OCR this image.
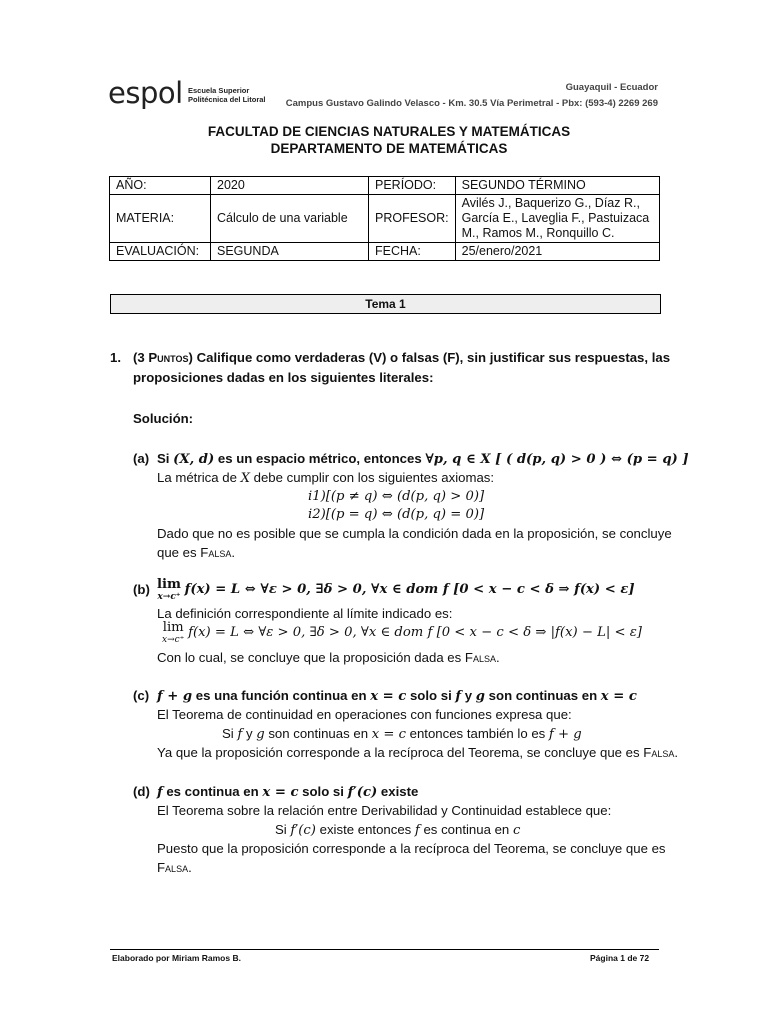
espol Escuela Superior
Politécnica del Litoral
Guayaquil - Ecuador
Campus Gustavo Galindo Velasco - Km. 30.5 Vía Perimetral - Pbx: (593-4) 2269 269
FACULTAD DE CIENCIAS NATURALES Y MATEMÁTICAS
DEPARTAMENTO DE MATEMÁTICAS
AÑO:	2020	PERÍODO:	SEGUNDO TÉRMINO
MATERIA:	Cálculo de una variable	PROFESOR:	Avilés J., Baquerizo G., Díaz R.,
García E., Laveglia F., Pastuizaca
M., Ramos M., Ronquillo C.

EVALUACIÓN:	SEGUNDA	FECHA:	25/enero/2021
Tema 1
1. (3 Puntos) Califique como verdaderas (V) o falsas (F), sin justificar sus respuestas, las
proposiciones dadas en los siguientes literales:
Solución:
(a) Si (X, d) es un espacio métrico, entonces ∀p, q ∈ X [ ( d(p, q) > 0 ) ⇔ (p = q) ]
La métrica de X debe cumplir con los siguientes axiomas:
i1)[(p ≠ q) ⇔ (d(p, q) > 0)]
i2)[(p = q) ⇔ (d(p, q) = 0)]
Dado que no es posible que se cumpla la condición dada en la proposición, se concluye
que es Falsa.
(b) lim
x→c⁺ f(x) = L ⇔ ∀ε > 0, ∃δ > 0, ∀x ∈ dom f [0 < x − c < δ ⇒ f(x) < ε]
La definición correspondiente al límite indicado es:
lim
x→c⁺ f(x) = L ⇔ ∀ε > 0, ∃δ > 0, ∀x ∈ dom f [0 < x − c < δ ⇒ |f(x) − L| < ε]
Con lo cual, se concluye que la proposición dada es Falsa.
(c) f + g es una función continua en x = c solo si f y g son continuas en x = c
El Teorema de continuidad en operaciones con funciones expresa que:
Si f y g son continuas en x = c entonces también lo es f + g
Ya que la proposición corresponde a la recíproca del Teorema, se concluye que es Falsa.
(d) f es continua en x = c solo si f′(c) existe
El Teorema sobre la relación entre Derivabilidad y Continuidad establece que:
Si f′(c) existe entonces f es continua en c
Puesto que la proposición corresponde a la recíproca del Teorema, se concluye que es
Falsa.
Elaborado por Miriam Ramos B.	Página 1 de 72
